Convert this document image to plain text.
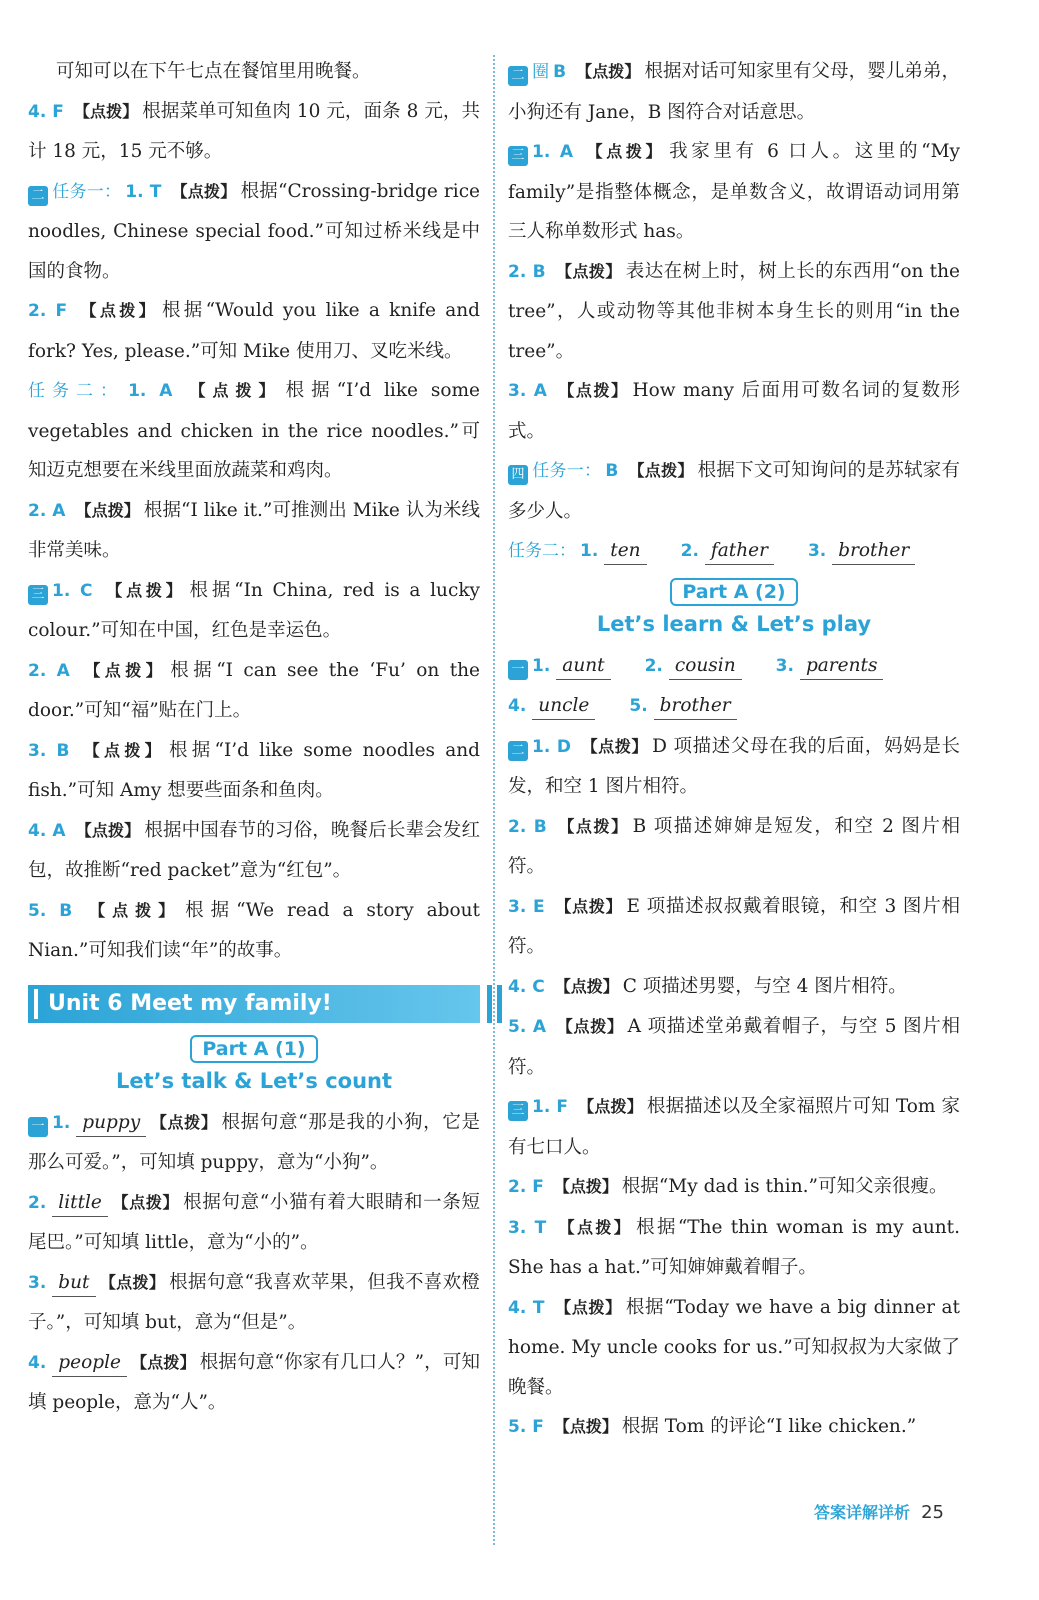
可知可以在下午七点在餐馆里用晚餐。

4. F 【点拨】 根据菜单可知鱼肉 10 元，面条 8 元，共计 18 元，15 元不够。

二 任务一： 1. T 【点拨】 根据“Crossing-bridge rice noodles, Chinese special food.”可知过桥米线是中国的食物。

2. F 【点拨】 根据“Would you like a knife and fork? Yes, please.”可知 Mike 使用刀、叉吃米线。

任务二： 1. A 【点拨】 根据“I’d like some vegetables and chicken in the rice noodles.”可知迈克想要在米线里面放蔬菜和鸡肉。

2. A 【点拨】 根据“I like it.”可推测出 Mike 认为米线非常美味。

三 1. C 【点拨】 根据“In China, red is a lucky colour.”可知在中国，红色是幸运色。

2. A 【点拨】 根据“I can see the ‘Fu’ on the door.”可知“福”贴在门上。

3. B 【点拨】 根据“I’d like some noodles and fish.”可知 Amy 想要些面条和鱼肉。

4. A 【点拨】 根据中国春节的习俗，晚餐后长辈会发红包，故推断“red packet”意为“红包”。

5. B 【点拨】 根据“We read a story about Nian.”可知我们读“年”的故事。

Unit 6 Meet my family!
Part A (1)
Let’s talk & Let’s count

一 1. puppy 【点拨】 根据句意“那是我的小狗，它是那么可爱。”，可知填 puppy，意为“小狗”。

2. little 【点拨】 根据句意“小猫有着大眼睛和一条短尾巴。”可知填 little，意为“小的”。

3. but 【点拨】 根据句意“我喜欢苹果，但我不喜欢橙子。”，可知填 but，意为“但是”。

4. people 【点拨】 根据句意“你家有几口人？”，可知填 people，意为“人”。

二 圈 B 【点拨】 根据对话可知家里有父母，婴儿弟弟，小狗还有 Jane，B 图符合对话意思。

三 1. A 【点拨】 我家里有 6 口人。这里的“My family”是指整体概念，是单数含义，故谓语动词用第三人称单数形式 has。

2. B 【点拨】 表达在树上时，树上长的东西用“on the tree”，人或动物等其他非树本身生长的则用“in the tree”。

3. A 【点拨】 How many 后面用可数名词的复数形式。

四 任务一： B 【点拨】 根据下文可知询问的是苏轼家有多少人。

任务二： 1. ten 2. father 3. brother

Part A (2)
Let’s learn & Let’s play

一 1. aunt 2. cousin 3. parents

4. uncle 5. brother

二 1. D 【点拨】 D 项描述父母在我的后面，妈妈是长发，和空 1 图片相符。

2. B 【点拨】 B 项描述婶婶是短发，和空 2 图片相符。

3. E 【点拨】 E 项描述叔叔戴着眼镜，和空 3 图片相符。

4. C 【点拨】 C 项描述男婴，与空 4 图片相符。

5. A 【点拨】 A 项描述堂弟戴着帽子，与空 5 图片相符。

三 1. F 【点拨】 根据描述以及全家福照片可知 Tom 家有七口人。

2. F 【点拨】 根据“My dad is thin.”可知父亲很瘦。

3. T 【点拨】 根据“The thin woman is my aunt. She has a hat.”可知婶婶戴着帽子。

4. T 【点拨】 根据“Today we have a big dinner at home. My uncle cooks for us.”可知叔叔为大家做了晚餐。

5. F 【点拨】 根据 Tom 的评论“I like chicken.”

答案详解详析 25
